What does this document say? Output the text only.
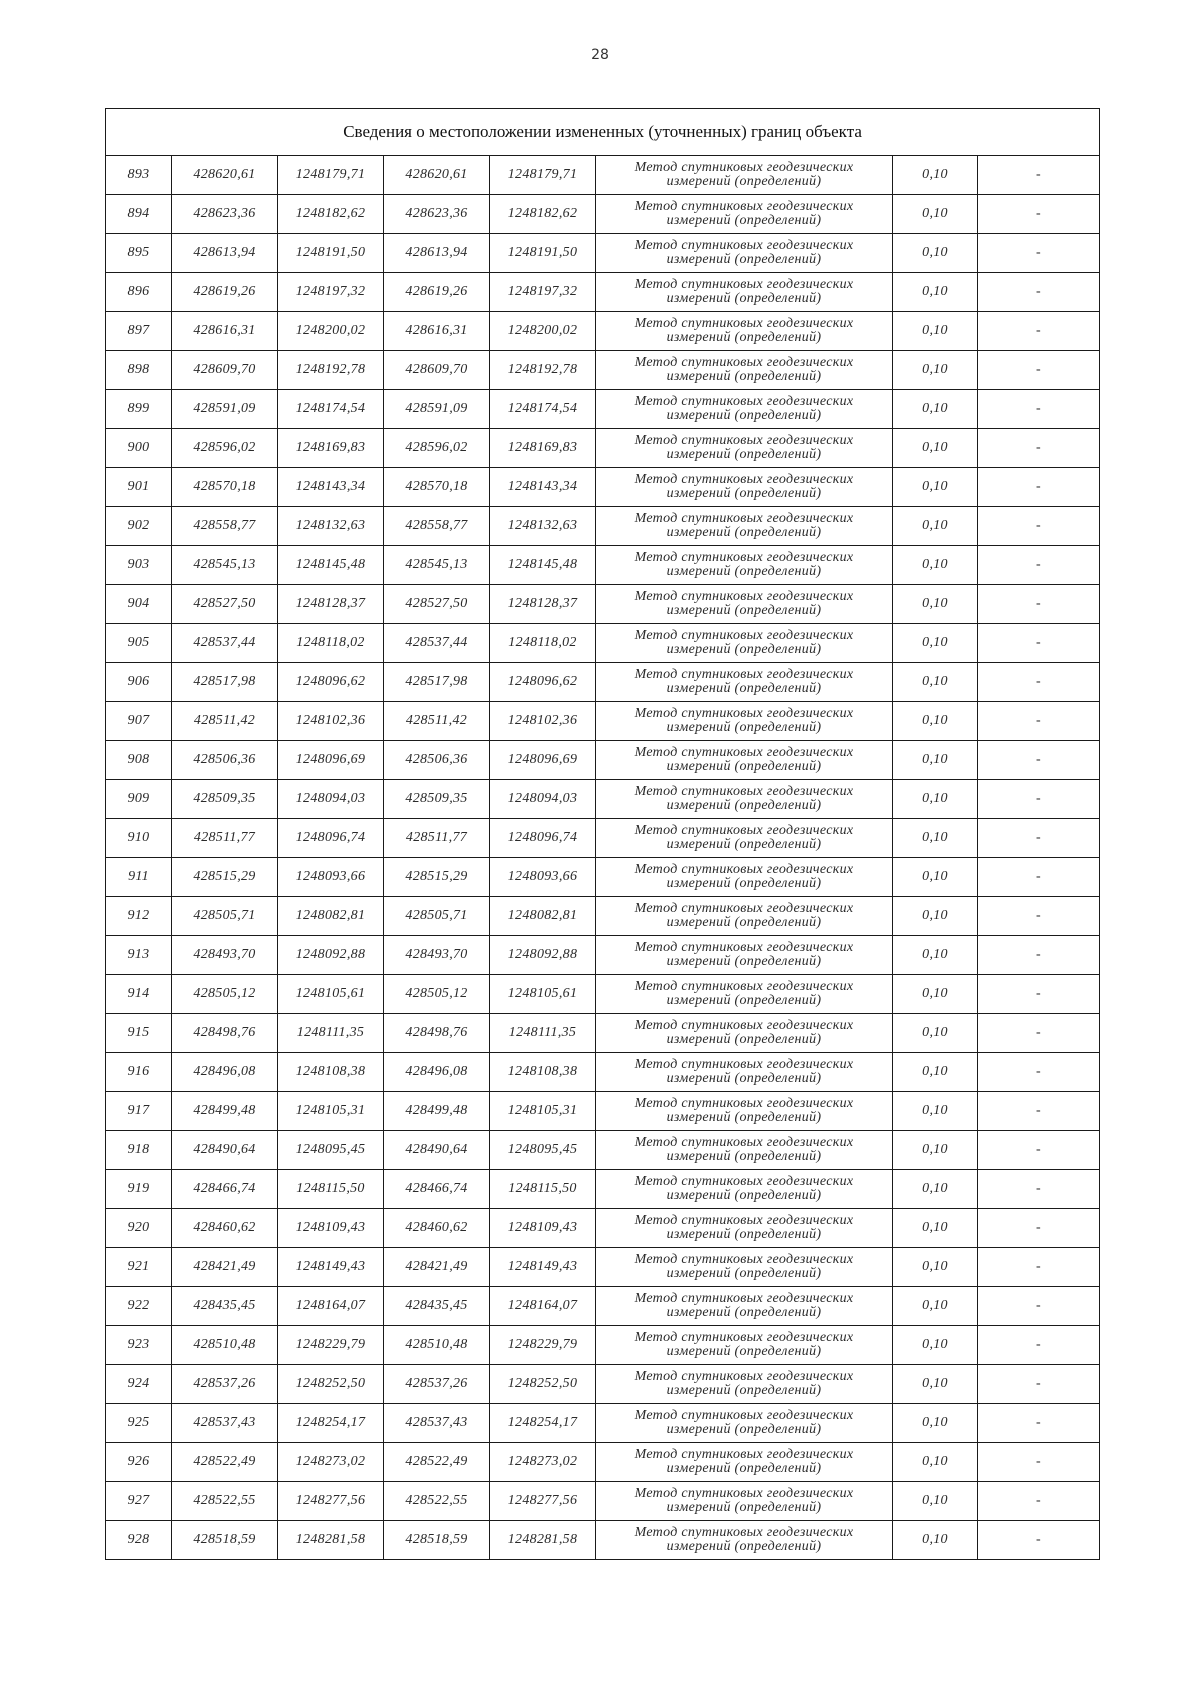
28
Сведения о местоположении измененных (уточненных) границ объекта							
893	428620,61	1248179,71	428620,61	1248179,71	Метод спутниковых геодезических
измерений (определений)	0,10	-
894	428623,36	1248182,62	428623,36	1248182,62	Метод спутниковых геодезических
измерений (определений)	0,10	-
895	428613,94	1248191,50	428613,94	1248191,50	Метод спутниковых геодезических
измерений (определений)	0,10	-
896	428619,26	1248197,32	428619,26	1248197,32	Метод спутниковых геодезических
измерений (определений)	0,10	-
897	428616,31	1248200,02	428616,31	1248200,02	Метод спутниковых геодезических
измерений (определений)	0,10	-
898	428609,70	1248192,78	428609,70	1248192,78	Метод спутниковых геодезических
измерений (определений)	0,10	-
899	428591,09	1248174,54	428591,09	1248174,54	Метод спутниковых геодезических
измерений (определений)	0,10	-
900	428596,02	1248169,83	428596,02	1248169,83	Метод спутниковых геодезических
измерений (определений)	0,10	-
901	428570,18	1248143,34	428570,18	1248143,34	Метод спутниковых геодезических
измерений (определений)	0,10	-
902	428558,77	1248132,63	428558,77	1248132,63	Метод спутниковых геодезических
измерений (определений)	0,10	-
903	428545,13	1248145,48	428545,13	1248145,48	Метод спутниковых геодезических
измерений (определений)	0,10	-
904	428527,50	1248128,37	428527,50	1248128,37	Метод спутниковых геодезических
измерений (определений)	0,10	-
905	428537,44	1248118,02	428537,44	1248118,02	Метод спутниковых геодезических
измерений (определений)	0,10	-
906	428517,98	1248096,62	428517,98	1248096,62	Метод спутниковых геодезических
измерений (определений)	0,10	-
907	428511,42	1248102,36	428511,42	1248102,36	Метод спутниковых геодезических
измерений (определений)	0,10	-
908	428506,36	1248096,69	428506,36	1248096,69	Метод спутниковых геодезических
измерений (определений)	0,10	-
909	428509,35	1248094,03	428509,35	1248094,03	Метод спутниковых геодезических
измерений (определений)	0,10	-
910	428511,77	1248096,74	428511,77	1248096,74	Метод спутниковых геодезических
измерений (определений)	0,10	-
911	428515,29	1248093,66	428515,29	1248093,66	Метод спутниковых геодезических
измерений (определений)	0,10	-
912	428505,71	1248082,81	428505,71	1248082,81	Метод спутниковых геодезических
измерений (определений)	0,10	-
913	428493,70	1248092,88	428493,70	1248092,88	Метод спутниковых геодезических
измерений (определений)	0,10	-
914	428505,12	1248105,61	428505,12	1248105,61	Метод спутниковых геодезических
измерений (определений)	0,10	-
915	428498,76	1248111,35	428498,76	1248111,35	Метод спутниковых геодезических
измерений (определений)	0,10	-
916	428496,08	1248108,38	428496,08	1248108,38	Метод спутниковых геодезических
измерений (определений)	0,10	-
917	428499,48	1248105,31	428499,48	1248105,31	Метод спутниковых геодезических
измерений (определений)	0,10	-
918	428490,64	1248095,45	428490,64	1248095,45	Метод спутниковых геодезических
измерений (определений)	0,10	-
919	428466,74	1248115,50	428466,74	1248115,50	Метод спутниковых геодезических
измерений (определений)	0,10	-
920	428460,62	1248109,43	428460,62	1248109,43	Метод спутниковых геодезических
измерений (определений)	0,10	-
921	428421,49	1248149,43	428421,49	1248149,43	Метод спутниковых геодезических
измерений (определений)	0,10	-
922	428435,45	1248164,07	428435,45	1248164,07	Метод спутниковых геодезических
измерений (определений)	0,10	-
923	428510,48	1248229,79	428510,48	1248229,79	Метод спутниковых геодезических
измерений (определений)	0,10	-
924	428537,26	1248252,50	428537,26	1248252,50	Метод спутниковых геодезических
измерений (определений)	0,10	-
925	428537,43	1248254,17	428537,43	1248254,17	Метод спутниковых геодезических
измерений (определений)	0,10	-
926	428522,49	1248273,02	428522,49	1248273,02	Метод спутниковых геодезических
измерений (определений)	0,10	-
927	428522,55	1248277,56	428522,55	1248277,56	Метод спутниковых геодезических
измерений (определений)	0,10	-
928	428518,59	1248281,58	428518,59	1248281,58	Метод спутниковых геодезических
измерений (определений)	0,10	-
